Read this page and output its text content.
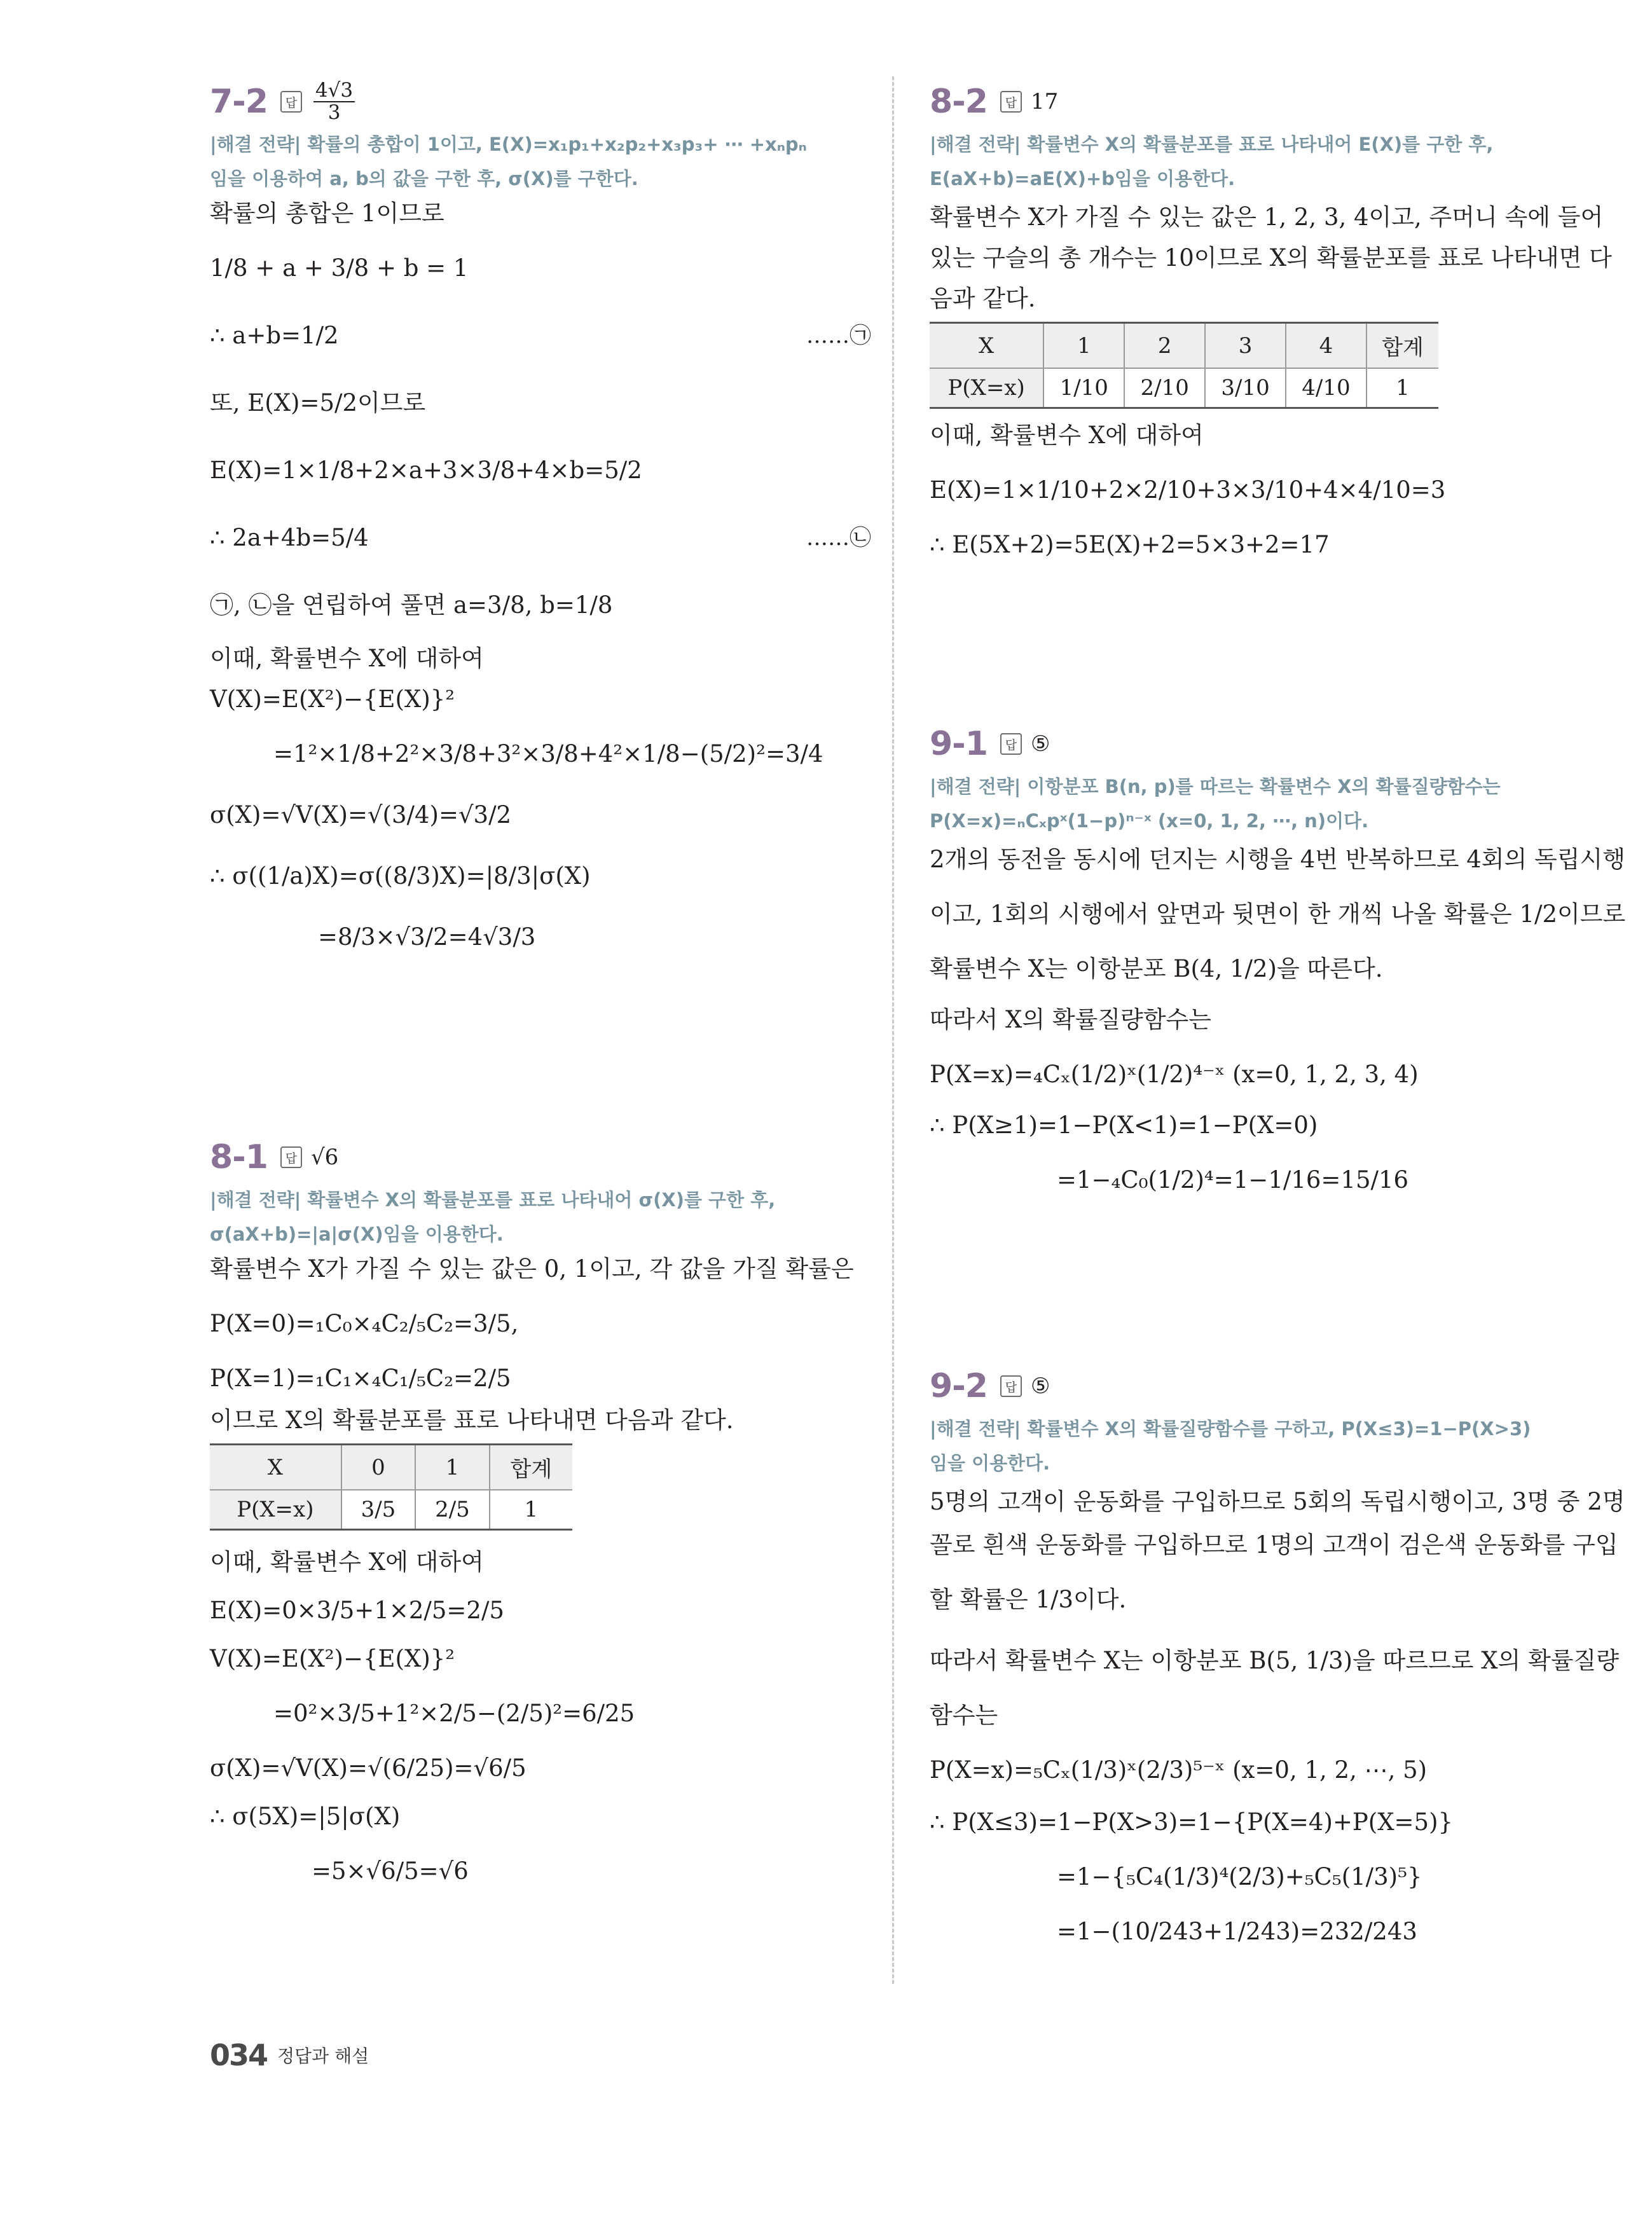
7-2	답 $\frac{4√3}{3}$
|해결 전략| 확률의 총합이 1이고, E(X)=x₁p₁+x₂p₂+x₃p₃+ ⋯ +xₙpₙ
임을 이용하여 a, b의 값을 구한 후, σ(X)를 구한다.
확률의 총합은 1이므로
1/8 + a + 3/8 + b = 1
∴ a+b=1/2	……㉠
또, E(X)=5/2이므로
E(X)=1×1/8+2×a+3×3/8+4×b=5/2
∴ 2a+4b=5/4	……㉡
㉠, ㉡을 연립하여 풀면 a=3/8, b=1/8
이때, 확률변수 X에 대하여
V(X)=E(X²)−{E(X)}²
=1²×1/8+2²×3/8+3²×3/8+4²×1/8−(5/2)²=3/4
σ(X)=√V(X)=√(3/4)=√3/2
∴ σ((1/a)X)=σ((8/3)X)=|8/3|σ(X)
=8/3×√3/2=4√3/3
8-1	답 √6
|해결 전략| 확률변수 X의 확률분포를 표로 나타내어 σ(X)를 구한 후,
σ(aX+b)=|a|σ(X)임을 이용한다.
확률변수 X가 가질 수 있는 값은 0, 1이고, 각 값을 가질 확률은
P(X=0)=₁C₀×₄C₂/₅C₂=3/5,
P(X=1)=₁C₁×₄C₁/₅C₂=2/5
이므로 X의 확률분포를 표로 나타내면 다음과 같다.
X	0	1	합계
P(X=x)	3/5	2/5	1
이때, 확률변수 X에 대하여
E(X)=0×3/5+1×2/5=2/5
V(X)=E(X²)−{E(X)}²
=0²×3/5+1²×2/5−(2/5)²=6/25
σ(X)=√V(X)=√(6/25)=√6/5
∴ σ(5X)=|5|σ(X)
=5×√6/5=√6
8-2	답 17
|해결 전략| 확률변수 X의 확률분포를 표로 나타내어 E(X)를 구한 후,
E(aX+b)=aE(X)+b임을 이용한다.
확률변수 X가 가질 수 있는 값은 1, 2, 3, 4이고, 주머니 속에 들어
있는 구슬의 총 개수는 10이므로 X의 확률분포를 표로 나타내면 다
음과 같다.
X	1	2	3	4	합계
P(X=x)	1/10	2/10	3/10	4/10	1
이때, 확률변수 X에 대하여
E(X)=1×1/10+2×2/10+3×3/10+4×4/10=3
∴ E(5X+2)=5E(X)+2=5×3+2=17
9-1	답 ⑤
|해결 전략| 이항분포 B(n, p)를 따르는 확률변수 X의 확률질량함수는
P(X=x)=ₙCₓpˣ(1−p)ⁿ⁻ˣ (x=0, 1, 2, ⋯, n)이다.
2개의 동전을 동시에 던지는 시행을 4번 반복하므로 4회의 독립시행
이고, 1회의 시행에서 앞면과 뒷면이 한 개씩 나올 확률은 1/2이므로
확률변수 X는 이항분포 B(4, 1/2)을 따른다.
따라서 X의 확률질량함수는
P(X=x)=₄Cₓ(1/2)ˣ(1/2)⁴⁻ˣ (x=0, 1, 2, 3, 4)
∴ P(X≥1)=1−P(X<1)=1−P(X=0)
=1−₄C₀(1/2)⁴=1−1/16=15/16
9-2	답 ⑤
|해결 전략| 확률변수 X의 확률질량함수를 구하고, P(X≤3)=1−P(X>3)
임을 이용한다.
5명의 고객이 운동화를 구입하므로 5회의 독립시행이고, 3명 중 2명
꼴로 흰색 운동화를 구입하므로 1명의 고객이 검은색 운동화를 구입
할 확률은 1/3이다.
따라서 확률변수 X는 이항분포 B(5, 1/3)을 따르므로 X의 확률질량
함수는
P(X=x)=₅Cₓ(1/3)ˣ(2/3)⁵⁻ˣ (x=0, 1, 2, ⋯, 5)
∴ P(X≤3)=1−P(X>3)=1−{P(X=4)+P(X=5)}
=1−{₅C₄(1/3)⁴(2/3)+₅C₅(1/3)⁵}
=1−(10/243+1/243)=232/243
034 정답과 해설
